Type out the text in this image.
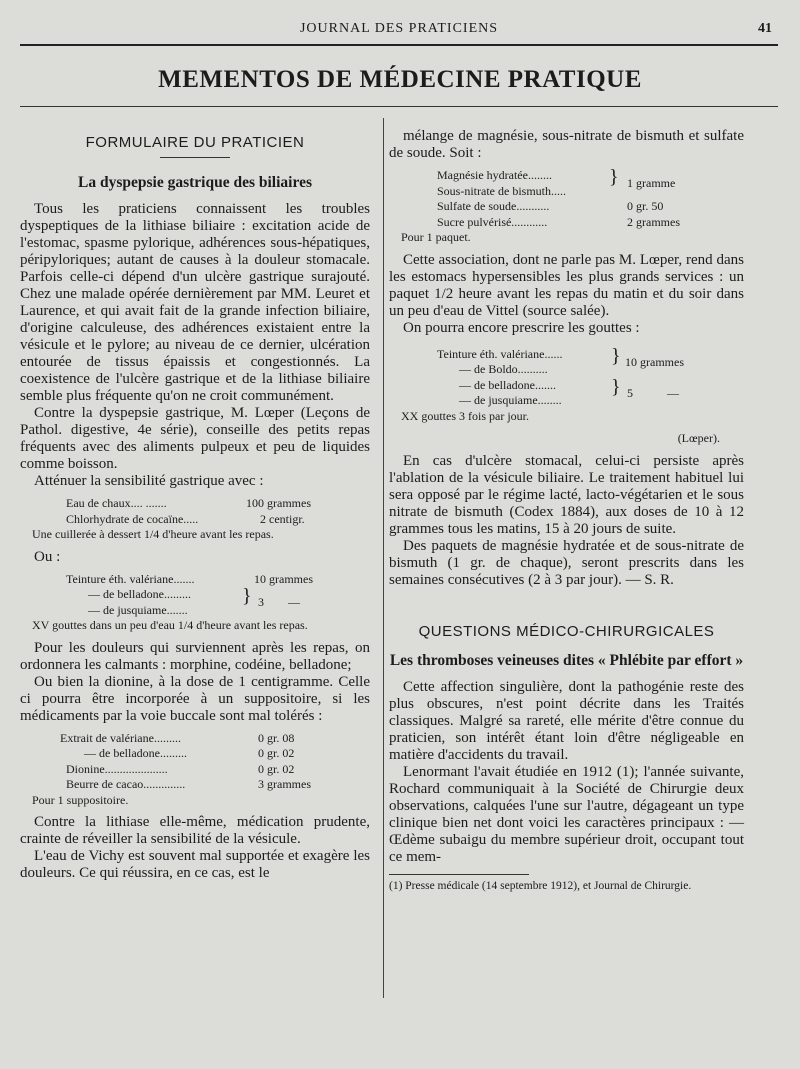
JOURNAL DES PRATICIENS	41
MEMENTOS DE MÉDECINE PRATIQUE
FORMULAIRE DU PRATICIEN
La dyspepsie gastrique des biliaires

Tous les praticiens connaissent les troubles dyspeptiques de la lithiase biliaire : excitation acide de l'estomac, spasme pylorique, adhérences sous-hépatiques, péripyloriques; autant de causes à la douleur stomacale. Parfois celle-ci dépend d'un ulcère gastrique surajouté. Chez une malade opérée dernièrement par MM. Leuret et Laurence, et qui avait fait de la grande infection biliaire, d'origine calculeuse, des adhérences existaient entre la vésicule et le pylore; au niveau de ce dernier, ulcération entourée de tissus épaissis et congestionnés. La coexistence de l'ulcère gastrique et de la lithiase biliaire semble plus fréquente qu'on ne croit communément.

Contre la dyspepsie gastrique, M. Lœper (Leçons de Pathol. digestive, 4e série), conseille des petits repas fréquents avec des aliments pulpeux et peu de liquides comme boisson.

Atténuer la sensibilité gastrique avec :

Eau de chaux.... .......	100 grammes
Chlorhydrate de cocaïne.....	2 centigr.
Une cuillerée à dessert 1/4 d'heure avant les repas.

Ou :

Teinture éth. valériane.......	10 grammes
— de belladone.........	} 3
— de jusquiame.......
—
XV gouttes dans un peu d'eau 1/4 d'heure avant les repas.

Pour les douleurs qui surviennent après les repas, on ordonnera les calmants : morphine, codéine, belladone;

Ou bien la dionine, à la dose de 1 centigramme. Celle ci pourra être incorporée à un suppositoire, si les médicaments par la voie buccale sont mal tolérés :

Extrait de valériane.........	0 gr. 08
— de belladone.........	0 gr. 02
Dionine.....................	0 gr. 02
Beurre de cacao..............	3 grammes
Pour 1 suppositoire.

Contre la lithiase elle-même, médication prudente, crainte de réveiller la sensibilité de la vésicule.

L'eau de Vichy est souvent mal supportée et exagère les douleurs. Ce qui réussira, en ce cas, est le

mélange de magnésie, sous-nitrate de bismuth et sulfate de soude. Soit :

Magnésie hydratée........	} 1 gramme
Sous-nitrate de bismuth.....
Sulfate de soude...........	0 gr. 50
Sucre pulvérisé............	2 grammes
Pour 1 paquet.

Cette association, dont ne parle pas M. Lœper, rend dans les estomacs hypersensibles les plus grands services : un paquet 1/2 heure avant les repas du matin et du soir dans un peu d'eau de Vittel (source salée).

On pourra encore prescrire les gouttes :

Teinture éth. valériane...... } 10 grammes
— de Boldo..........
— de belladone.......	} 5	—
— de jusquiame........
XX gouttes 3 fois par jour.
(Lœper).

En cas d'ulcère stomacal, celui-ci persiste après l'ablation de la vésicule biliaire. Le traitement habituel lui sera opposé par le régime lacté, lacto-végétarien et le sous nitrate de bismuth (Codex 1884), aux doses de 10 à 12 grammes tous les matins, 15 à 20 jours de suite.

Des paquets de magnésie hydratée et de sous-nitrate de bismuth (1 gr. de chaque), seront prescrits dans les semaines consécutives (2 à 3 par jour). — S. R.

QUESTIONS MÉDICO-CHIRURGICALES
Les thromboses veineuses dites « Phlébite par effort »

Cette affection singulière, dont la pathogénie reste des plus obscures, n'est point décrite dans les Traités classiques. Malgré sa rareté, elle mérite d'être connue du praticien, son intérêt étant loin d'être négligeable en matière d'accidents du travail.

Lenormant l'avait étudiée en 1912 (1); l'année suivante, Rochard communiquait à la Société de Chirurgie deux observations, calquées l'une sur l'autre, dégageant un type clinique bien net dont voici les caractères principaux : — Œdème subaigu du membre supérieur droit, occupant tout ce mem-

(1) Presse médicale (14 septembre 1912), et Journal de Chirurgie.
